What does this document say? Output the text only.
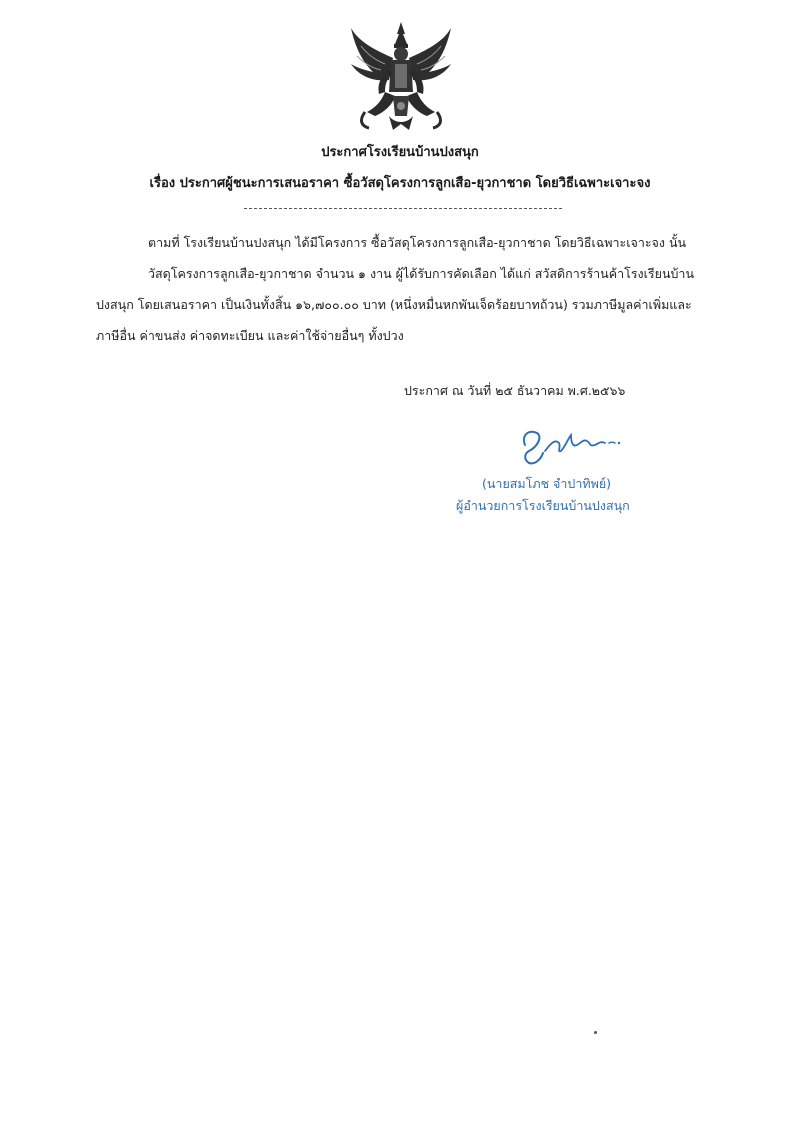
ประกาศโรงเรียนบ้านปงสนุก
เรื่อง ประกาศผู้ชนะการเสนอราคา ซื้อวัสดุโครงการลูกเสือ-ยุวกาชาด โดยวิธีเฉพาะเจาะจง
ตามที่ โรงเรียนบ้านปงสนุก ได้มีโครงการ ซื้อวัสดุโครงการลูกเสือ-ยุวกาชาด โดยวิธีเฉพาะเจาะจง นั้น
วัสดุโครงการลูกเสือ-ยุวกาชาด จำนวน ๑ งาน ผู้ได้รับการคัดเลือก ได้แก่ สวัสดิการร้านค้าโรงเรียนบ้าน
ปงสนุก โดยเสนอราคา เป็นเงินทั้งสิ้น ๑๖,๗๐๐.๐๐ บาท (หนึ่งหมื่นหกพันเจ็ดร้อยบาทถ้วน) รวมภาษีมูลค่าเพิ่มและ
ภาษีอื่น ค่าขนส่ง ค่าจดทะเบียน และค่าใช้จ่ายอื่นๆ ทั้งปวง
ประกาศ ณ วันที่ ๒๕ ธันวาคม พ.ศ.๒๕๖๖
(นายสมโภช จำปาทิพย์)
ผู้อำนวยการโรงเรียนบ้านปงสนุก
